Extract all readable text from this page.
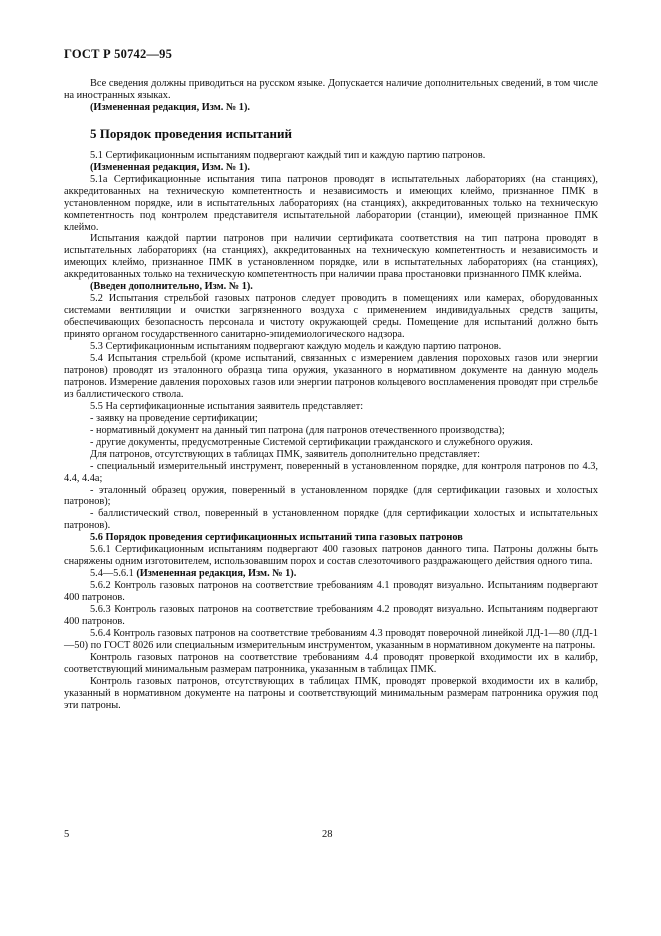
ГОСТ Р 50742—95

Все сведения должны приводиться на русском языке. Допускается наличие дополнительных сведений, в том числе на иностранных языках.

(Измененная редакция, Изм. № 1).

5 Порядок проведения испытаний

5.1 Сертификационным испытаниям подвергают каждый тип и каждую партию патронов.

(Измененная редакция, Изм. № 1).

5.1а Сертификационные испытания типа патронов проводят в испытательных лабораториях (на станциях), аккредитованных на техническую компетентность и независимость и имеющих клеймо, признанное ПМК в установленном порядке, или в испытательных лабораториях (на станциях), аккредитованных только на техническую компетентность под контролем представителя испытательной лаборатории (станции), имеющей признанное ПМК клеймо.

Испытания каждой партии патронов при наличии сертификата соответствия на тип патрона проводят в испытательных лабораториях (на станциях), аккредитованных на техническую компетентность и независимость и имеющих клеймо, признанное ПМК в установленном порядке, или в испытательных лабораториях (на станциях), аккредитованных только на техническую компетентность при наличии права простановки признанного ПМК клейма.

(Введен дополнительно, Изм. № 1).

5.2 Испытания стрельбой газовых патронов следует проводить в помещениях или камерах, оборудованных системами вентиляции и очистки загрязненного воздуха с применением индивидуальных средств защиты, обеспечивающих безопасность персонала и чистоту окружающей среды. Помещение для испытаний должно быть принято органом государственного санитарно-эпидемиологического надзора.

5.3 Сертификационным испытаниям подвергают каждую модель и каждую партию патронов.

5.4 Испытания стрельбой (кроме испытаний, связанных с измерением давления пороховых газов или энергии патронов) проводят из эталонного образца типа оружия, указанного в нормативном документе на данную модель патронов. Измерение давления пороховых газов или энергии патронов кольцевого воспламенения проводят при стрельбе из баллистического ствола.

5.5 На сертификационные испытания заявитель представляет:

- заявку на проведение сертификации;

- нормативный документ на данный тип патрона (для патронов отечественного производства);

- другие документы, предусмотренные Системой сертификации гражданского и служебного оружия.

Для патронов, отсутствующих в таблицах ПМК, заявитель дополнительно представляет:

- специальный измерительный инструмент, поверенный в установленном порядке, для контроля патронов по 4.3, 4.4, 4.4а;

- эталонный образец оружия, поверенный в установленном порядке (для сертификации газовых и холостых патронов);

- баллистический ствол, поверенный в установленном порядке (для сертификации холостых и испытательных патронов).

5.6 Порядок проведения сертификационных испытаний типа газовых патронов

5.6.1 Сертификационным испытаниям подвергают 400 газовых патронов данного типа. Патроны должны быть снаряжены одним изготовителем, использовавшим порох и состав слезоточивого раздражающего действия одного типа.

5.4—5.6.1 (Измененная редакция, Изм. № 1).

5.6.2 Контроль газовых патронов на соответствие требованиям 4.1 проводят визуально. Испытаниям подвергают 400 патронов.

5.6.3 Контроль газовых патронов на соответствие требованиям 4.2 проводят визуально. Испытаниям подвергают 400 патронов.

5.6.4 Контроль газовых патронов на соответствие требованиям 4.3 проводят поверочной линейкой ЛД-1—80 (ЛД-1—50) по ГОСТ 8026 или специальным измерительным инструментом, указанным в нормативном документе на патроны.

Контроль газовых патронов на соответствие требованиям 4.4 проводят проверкой входимости их в калибр, соответствующий минимальным размерам патронника, указанным в таблицах ПМК.

Контроль газовых патронов, отсутствующих в таблицах ПМК, проводят проверкой входимости их в калибр, указанный в нормативном документе на патроны и соответствующий минимальным размерам патронника оружия под эти патроны.

5	28
